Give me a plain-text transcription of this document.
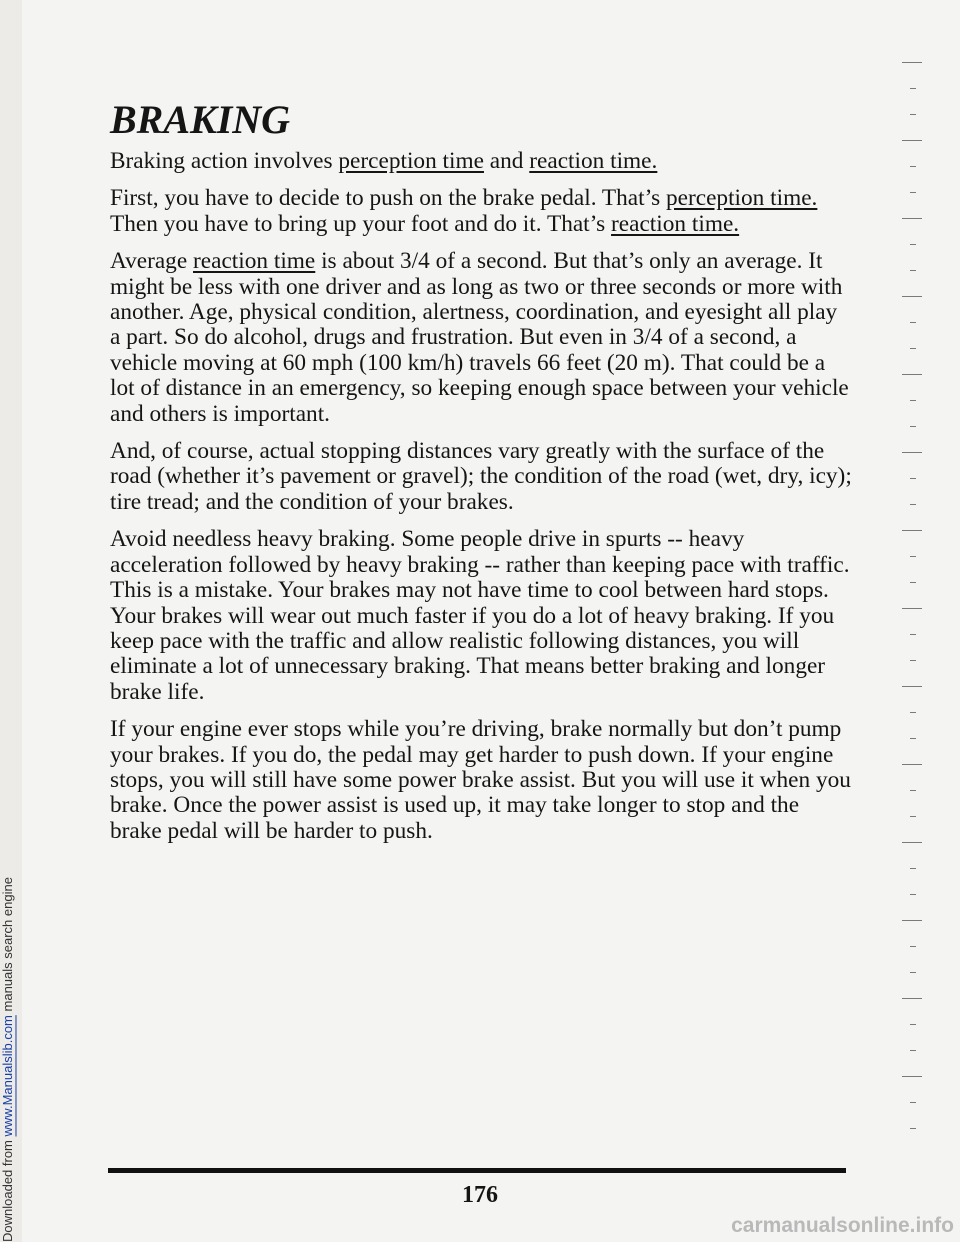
Downloaded from www.Manualslib.com manuals search engine
BRAKING

Braking action involves perception time and reaction time.

First, you have to decide to push on the brake pedal. That’s perception time. Then you have to bring up your foot and do it. That’s reaction time.

Average reaction time is about 3/4 of a second. But that’s only an average. It might be less with one driver and as long as two or three seconds or more with another. Age, physical condition, alertness, coordination, and eyesight all play a part. So do alcohol, drugs and frustration. But even in 3/4 of a second, a vehicle moving at 60 mph (100 km/h) travels 66 feet (20 m). That could be a lot of distance in an emergency, so keeping enough space between your vehicle and others is important.

And, of course, actual stopping distances vary greatly with the surface of the road (whether it’s pavement or gravel); the condition of the road (wet, dry, icy); tire tread; and the condition of your brakes.

Avoid needless heavy braking. Some people drive in spurts -- heavy acceleration followed by heavy braking -- rather than keeping pace with traffic. This is a mistake. Your brakes may not have time to cool between hard stops. Your brakes will wear out much faster if you do a lot of heavy braking. If you keep pace with the traffic and allow realistic following distances, you will eliminate a lot of unnecessary braking. That means better braking and longer brake life.

If your engine ever stops while you’re driving, brake normally but don’t pump your brakes. If you do, the pedal may get harder to push down. If your engine stops, you will still have some power brake assist. But you will use it when you brake. Once the power assist is used up, it may take longer to stop and the brake pedal will be harder to push.

176
carmanualsonline.info
